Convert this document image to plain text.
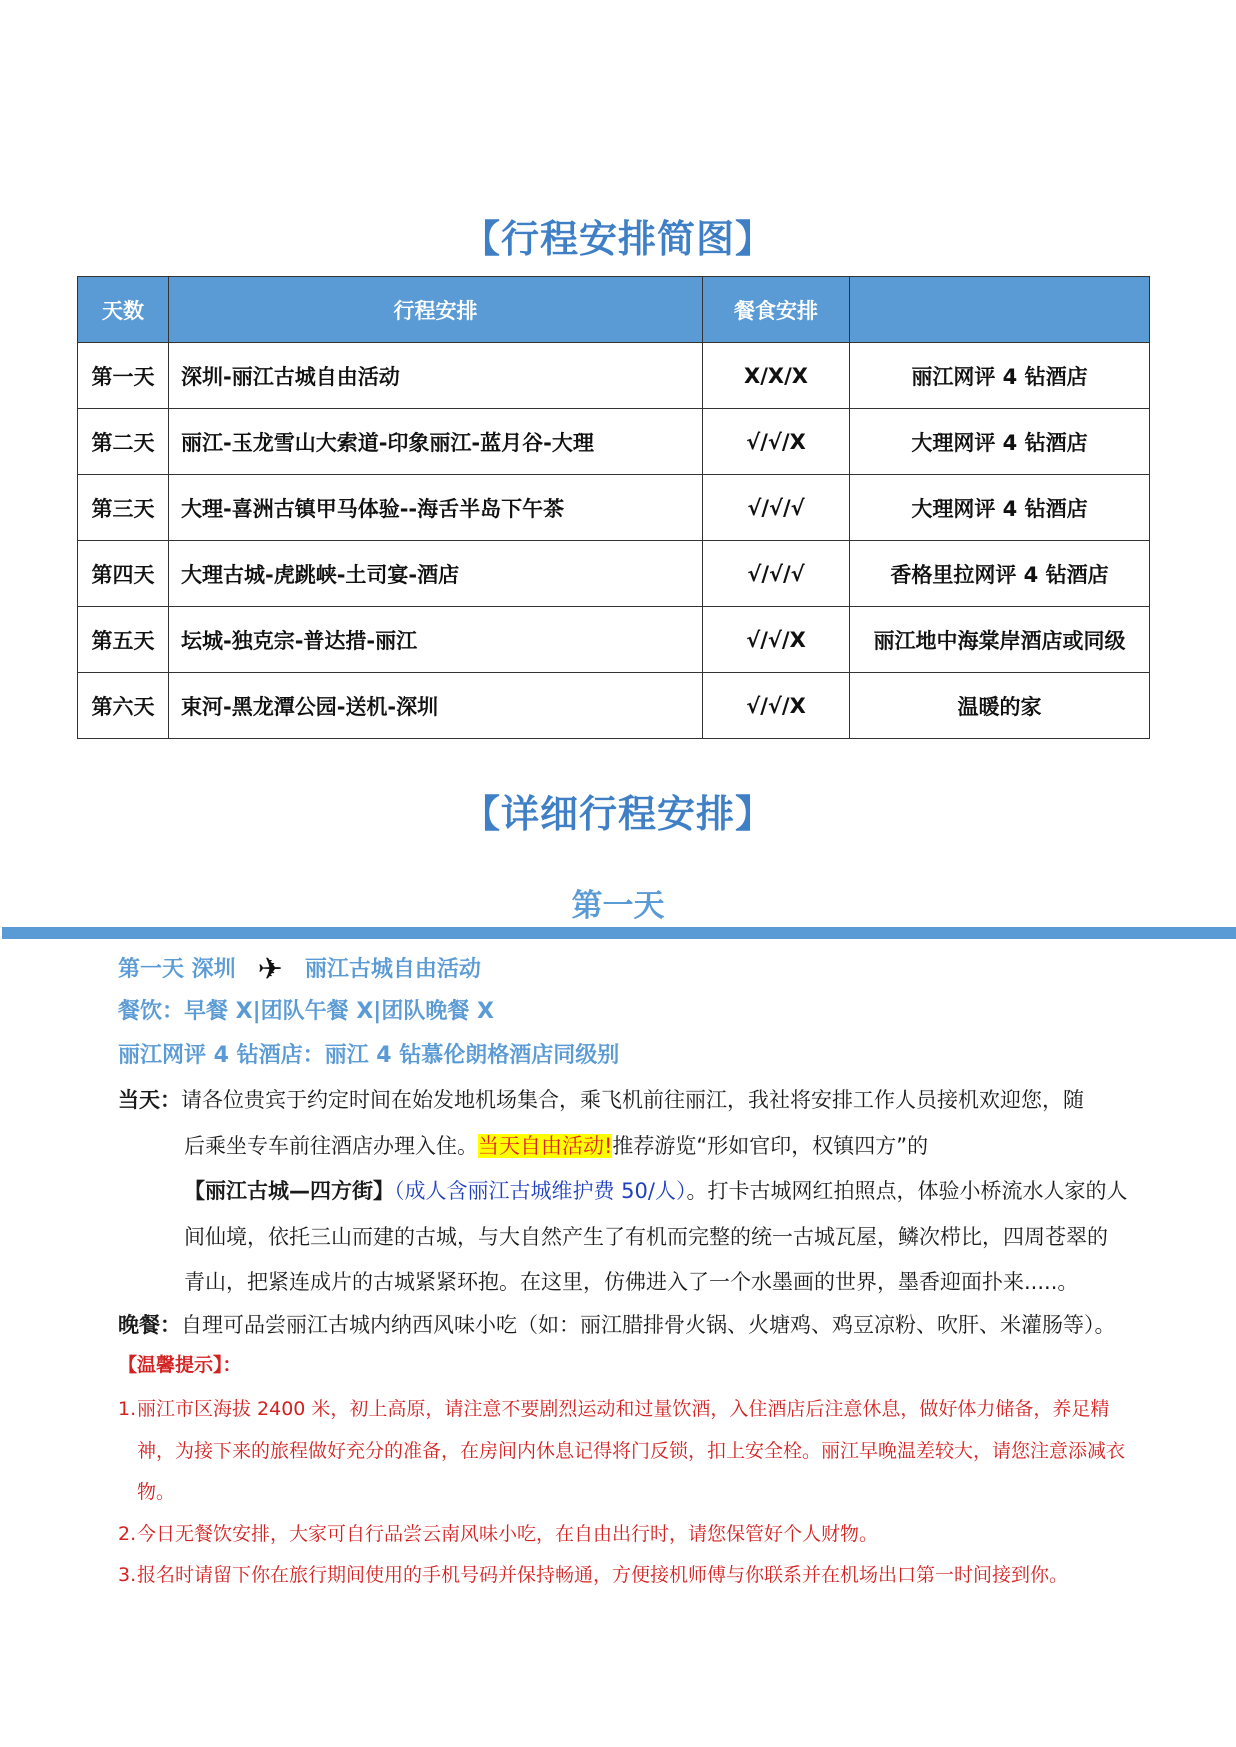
【行程安排简图】
天数	行程安排	餐食安排	
第一天	深圳-丽江古城自由活动	X/X/X	丽江网评 4 钻酒店
第二天	丽江-玉龙雪山大索道-印象丽江-蓝月谷-大理	√/√/X	大理网评 4 钻酒店
第三天	大理-喜洲古镇甲马体验--海舌半岛下午茶	√/√/√	大理网评 4 钻酒店
第四天	大理古城-虎跳峡-土司宴-酒店	√/√/√	香格里拉网评 4 钻酒店
第五天	坛城-独克宗-普达措-丽江	√/√/X	丽江地中海棠岸酒店或同级
第六天	束河-黑龙潭公园-送机-深圳	√/√/X	温暖的家
【详细行程安排】
第一天
第一天 深圳 ✈ 丽江古城自由活动
餐饮：早餐 X|团队午餐 X|团队晚餐 X
丽江网评 4 钻酒店：丽江 4 钻慕伦朗格酒店同级别
当天：请各位贵宾于约定时间在始发地机场集合，乘飞机前往丽江，我社将安排工作人员接机欢迎您，随
后乘坐专车前往酒店办理入住。当天自由活动!推荐游览“形如官印，权镇四方”的【丽江古城—四方街】（成人含丽江古城维护费 50/人）。打卡古城网红拍照点，体验小桥流水人家的人间仙境，依托三山而建的古城，与大自然产生了有机而完整的统一古城瓦屋，鳞次栉比，四周苍翠的青山，把紧连成片的古城紧紧环抱。在这里，仿佛进入了一个水墨画的世界，墨香迎面扑来.....。
晚餐：自理可品尝丽江古城内纳西风味小吃（如：丽江腊排骨火锅、火塘鸡、鸡豆凉粉、吹肝、米灌肠等）。
【温馨提示】：
1. 丽江市区海拔 2400 米，初上高原，请注意不要剧烈运动和过量饮酒，入住酒店后注意休息，做好体力储备，养足精神，为接下来的旅程做好充分的准备，在房间内休息记得将门反锁，扣上安全栓。丽江早晚温差较大，请您注意添减衣物。
2. 今日无餐饮安排，大家可自行品尝云南风味小吃，在自由出行时，请您保管好个人财物。
3. 报名时请留下你在旅行期间使用的手机号码并保持畅通，方便接机师傅与你联系并在机场出口第一时间接到你。
